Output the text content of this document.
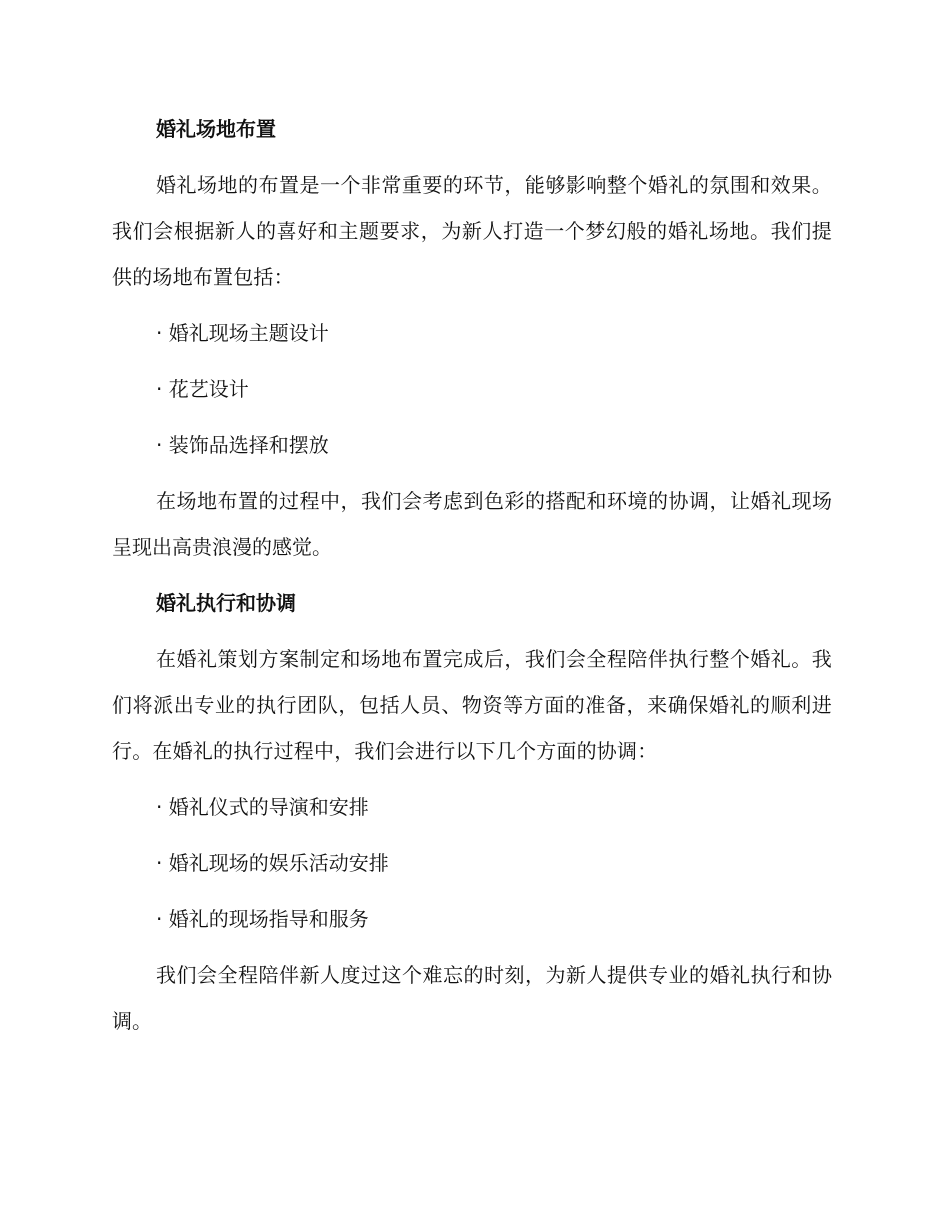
婚礼场地布置

婚礼场地的布置是一个非常重要的环节，能够影响整个婚礼的氛围和效果。我们会根据新人的喜好和主题要求，为新人打造一个梦幻般的婚礼场地。我们提供的场地布置包括：

· 婚礼现场主题设计
· 花艺设计
· 装饰品选择和摆放

在场地布置的过程中，我们会考虑到色彩的搭配和环境的协调，让婚礼现场呈现出高贵浪漫的感觉。

婚礼执行和协调

在婚礼策划方案制定和场地布置完成后，我们会全程陪伴执行整个婚礼。我们将派出专业的执行团队，包括人员、物资等方面的准备，来确保婚礼的顺利进行。在婚礼的执行过程中，我们会进行以下几个方面的协调：

· 婚礼仪式的导演和安排
· 婚礼现场的娱乐活动安排
· 婚礼的现场指导和服务

我们会全程陪伴新人度过这个难忘的时刻，为新人提供专业的婚礼执行和协调。
